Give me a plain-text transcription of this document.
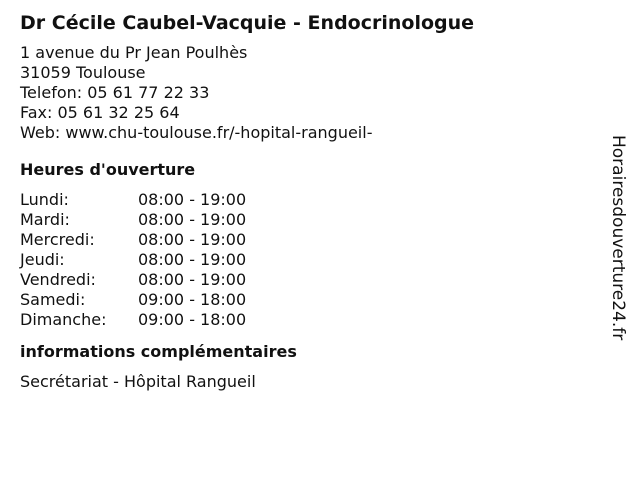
Dr Cécile Caubel-Vacquie - Endocrinologue
1 avenue du Pr Jean Poulhès
31059 Toulouse
Telefon: 05 61 77 22 33
Fax: 05 61 32 25 64
Web: www.chu-toulouse.fr/-hopital-rangueil-
Heures d'ouverture
Lundi:	08:00 - 19:00
Mardi:	08:00 - 19:00
Mercredi:	08:00 - 19:00
Jeudi:	08:00 - 19:00
Vendredi:	08:00 - 19:00
Samedi:	09:00 - 18:00
Dimanche:	09:00 - 18:00
informations complémentaires
Secrétariat - Hôpital Rangueil
Horairesdouverture24.fr
